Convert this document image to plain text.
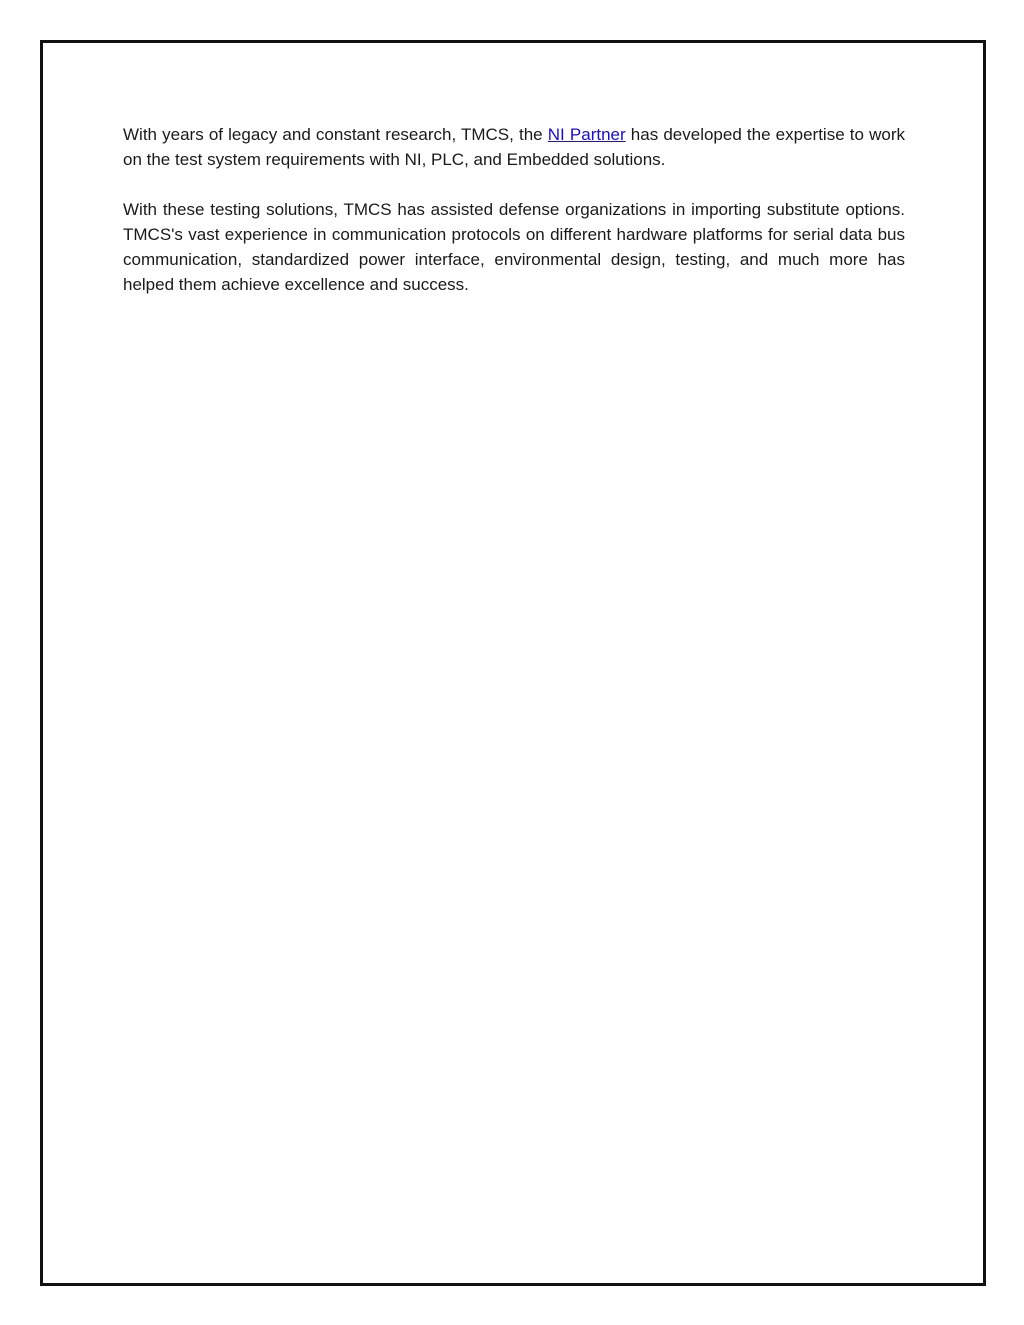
With years of legacy and constant research, TMCS, the NI Partner has developed the expertise to work on the test system requirements with NI, PLC, and Embedded solutions.

With these testing solutions, TMCS has assisted defense organizations in importing substitute options. TMCS's vast experience in communication protocols on different hardware platforms for serial data bus communication, standardized power interface, environmental design, testing, and much more has helped them achieve excellence and success.
